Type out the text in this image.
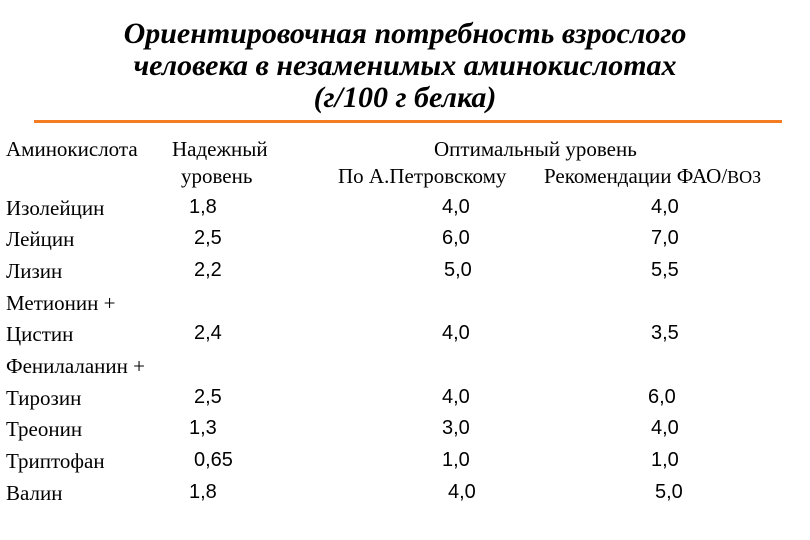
Ориентировочная потребность взрослого
человека в незаменимых аминокислотах
(г/100 г белка)
Аминокислота Надежный
уровень
Оптимальный уровень
По А.Петровскому Рекомендации ФАО/ВОЗ
Изолейцин	1,8	4,0	4,0
Лейцин	2,5	6,0	7,0
Лизин	2,2	5,0	5,5
Метионин +
Цистин	2,4	4,0	3,5
Фенилаланин +
Тирозин	2,5	4,0	6,0
Треонин	1,3	3,0	4,0
Триптофан	0,65	1,0	1,0
Валин	1,8	4,0	5,0
